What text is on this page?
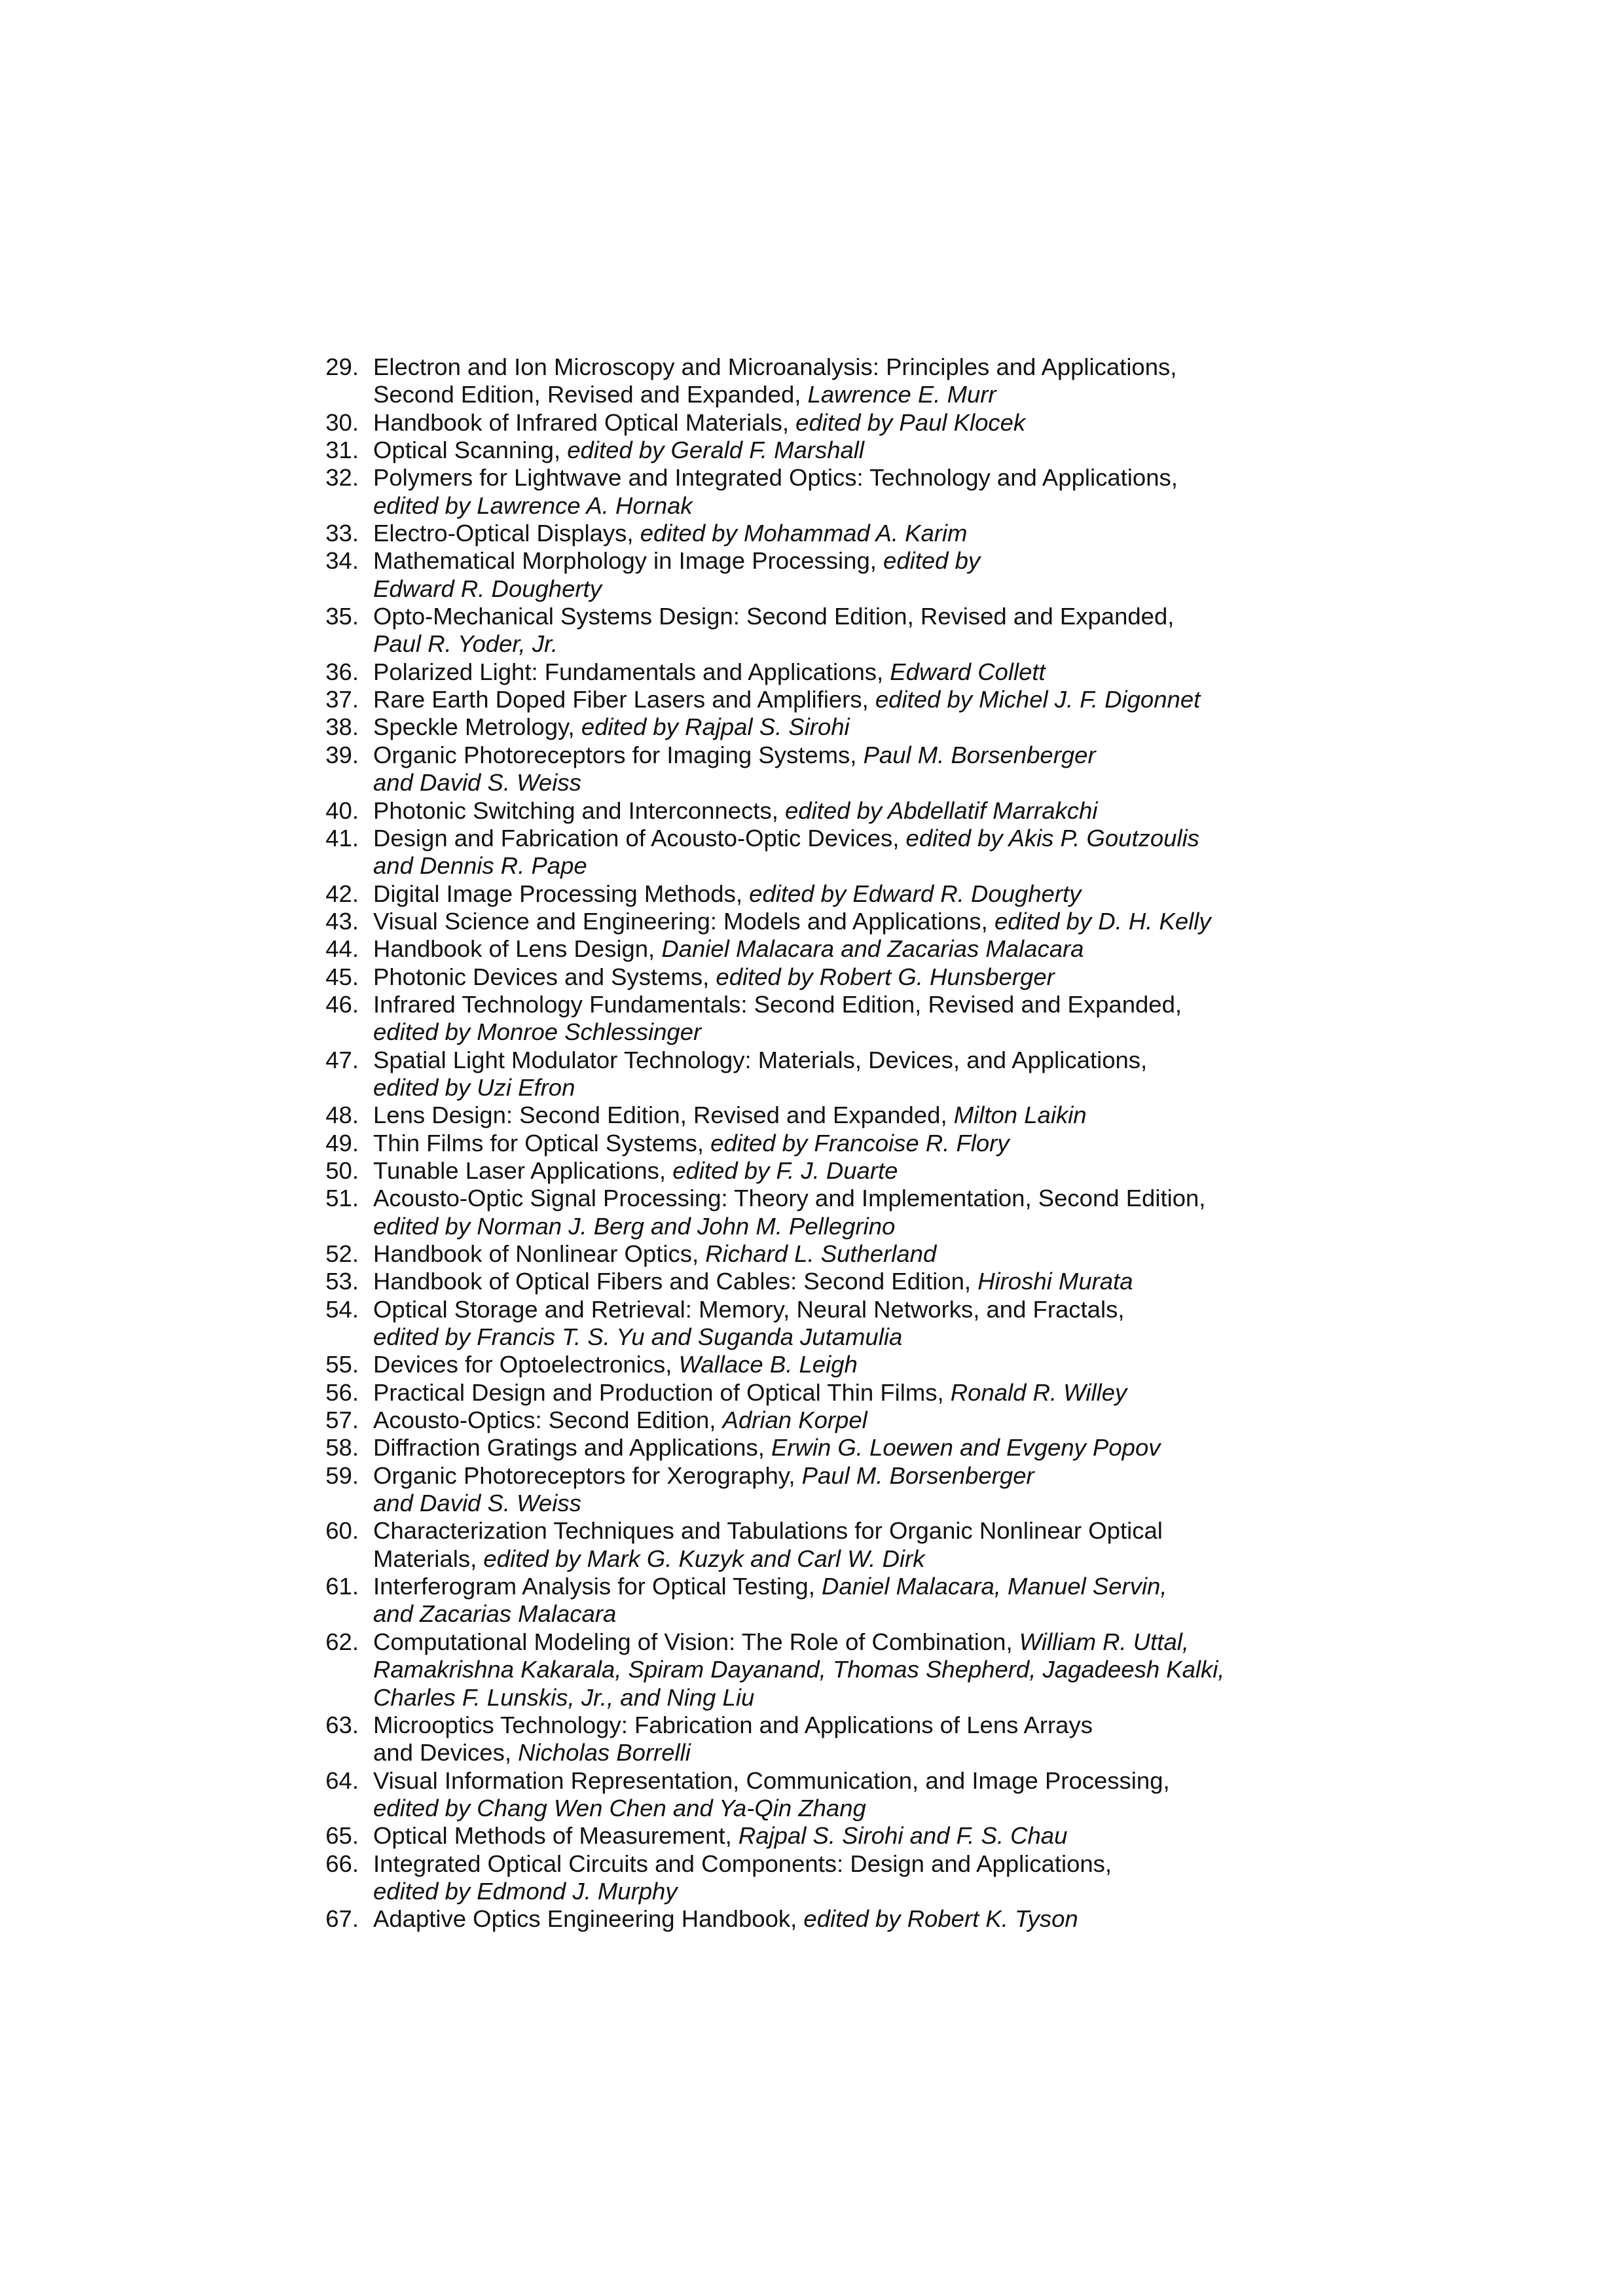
29. Electron and Ion Microscopy and Microanalysis: Principles and Applications,
Second Edition, Revised and Expanded, Lawrence E. Murr
30. Handbook of Infrared Optical Materials, edited by Paul Klocek
31. Optical Scanning, edited by Gerald F. Marshall
32. Polymers for Lightwave and Integrated Optics: Technology and Applications,
edited by Lawrence A. Hornak
33. Electro-Optical Displays, edited by Mohammad A. Karim
34. Mathematical Morphology in Image Processing, edited by
Edward R. Dougherty
35. Opto-Mechanical Systems Design: Second Edition, Revised and Expanded,
Paul R. Yoder, Jr.
36. Polarized Light: Fundamentals and Applications, Edward Collett
37. Rare Earth Doped Fiber Lasers and Amplifiers, edited by Michel J. F. Digonnet
38. Speckle Metrology, edited by Rajpal S. Sirohi
39. Organic Photoreceptors for Imaging Systems, Paul M. Borsenberger
and David S. Weiss
40. Photonic Switching and Interconnects, edited by Abdellatif Marrakchi
41. Design and Fabrication of Acousto-Optic Devices, edited by Akis P. Goutzoulis
and Dennis R. Pape
42. Digital Image Processing Methods, edited by Edward R. Dougherty
43. Visual Science and Engineering: Models and Applications, edited by D. H. Kelly
44. Handbook of Lens Design, Daniel Malacara and Zacarias Malacara
45. Photonic Devices and Systems, edited by Robert G. Hunsberger
46. Infrared Technology Fundamentals: Second Edition, Revised and Expanded,
edited by Monroe Schlessinger
47. Spatial Light Modulator Technology: Materials, Devices, and Applications,
edited by Uzi Efron
48. Lens Design: Second Edition, Revised and Expanded, Milton Laikin
49. Thin Films for Optical Systems, edited by Francoise R. Flory
50. Tunable Laser Applications, edited by F. J. Duarte
51. Acousto-Optic Signal Processing: Theory and Implementation, Second Edition,
edited by Norman J. Berg and John M. Pellegrino
52. Handbook of Nonlinear Optics, Richard L. Sutherland
53. Handbook of Optical Fibers and Cables: Second Edition, Hiroshi Murata
54. Optical Storage and Retrieval: Memory, Neural Networks, and Fractals,
edited by Francis T. S. Yu and Suganda Jutamulia
55. Devices for Optoelectronics, Wallace B. Leigh
56. Practical Design and Production of Optical Thin Films, Ronald R. Willey
57. Acousto-Optics: Second Edition, Adrian Korpel
58. Diffraction Gratings and Applications, Erwin G. Loewen and Evgeny Popov
59. Organic Photoreceptors for Xerography, Paul M. Borsenberger
and David S. Weiss
60. Characterization Techniques and Tabulations for Organic Nonlinear Optical
Materials, edited by Mark G. Kuzyk and Carl W. Dirk
61. Interferogram Analysis for Optical Testing, Daniel Malacara, Manuel Servin,
and Zacarias Malacara
62. Computational Modeling of Vision: The Role of Combination, William R. Uttal,
Ramakrishna Kakarala, Spiram Dayanand, Thomas Shepherd, Jagadeesh Kalki,
Charles F. Lunskis, Jr., and Ning Liu
63. Microoptics Technology: Fabrication and Applications of Lens Arrays
and Devices, Nicholas Borrelli
64. Visual Information Representation, Communication, and Image Processing,
edited by Chang Wen Chen and Ya-Qin Zhang
65. Optical Methods of Measurement, Rajpal S. Sirohi and F. S. Chau
66. Integrated Optical Circuits and Components: Design and Applications,
edited by Edmond J. Murphy
67. Adaptive Optics Engineering Handbook, edited by Robert K. Tyson
